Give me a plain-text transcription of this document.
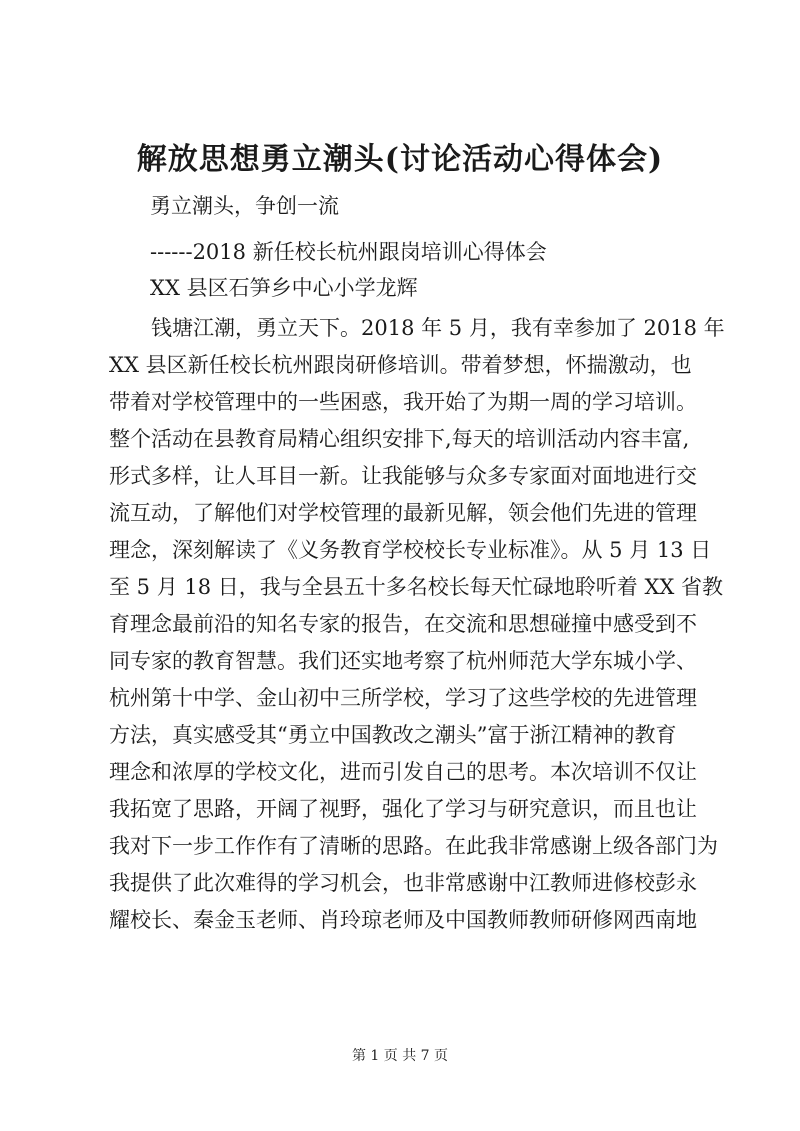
解放思想勇立潮头(讨论活动心得体会)

勇立潮头，争创一流

------2018 新任校长杭州跟岗培训心得体会

XX 县区石笋乡中心小学龙辉

　　钱塘江潮，勇立天下。2018 年 5 月，我有幸参加了 2018 年

XX 县区新任校长杭州跟岗研修培训。带着梦想，怀揣激动，也

带着对学校管理中的一些困惑，我开始了为期一周的学习培训。

整个活动在县教育局精心组织安排下,每天的培训活动内容丰富,

形式多样，让人耳目一新。让我能够与众多专家面对面地进行交

流互动，了解他们对学校管理的最新见解，领会他们先进的管理

理念，深刻解读了《义务教育学校校长专业标准》。从 5 月 13 日

至 5 月 18 日，我与全县五十多名校长每天忙碌地聆听着 XX 省教

育理念最前沿的知名专家的报告，在交流和思想碰撞中感受到不

同专家的教育智慧。我们还实地考察了杭州师范大学东城小学、

杭州第十中学、金山初中三所学校，学习了这些学校的先进管理

方法，真实感受其“勇立中国教改之潮头”富于浙江精神的教育

理念和浓厚的学校文化，进而引发自己的思考。本次培训不仅让

我拓宽了思路，开阔了视野，强化了学习与研究意识，而且也让

我对下一步工作作有了清晰的思路。在此我非常感谢上级各部门为

我提供了此次难得的学习机会，也非常感谢中江教师进修校彭永

耀校长、秦金玉老师、肖玲琼老师及中国教师教师研修网西南地

第 1 页 共 7 页
